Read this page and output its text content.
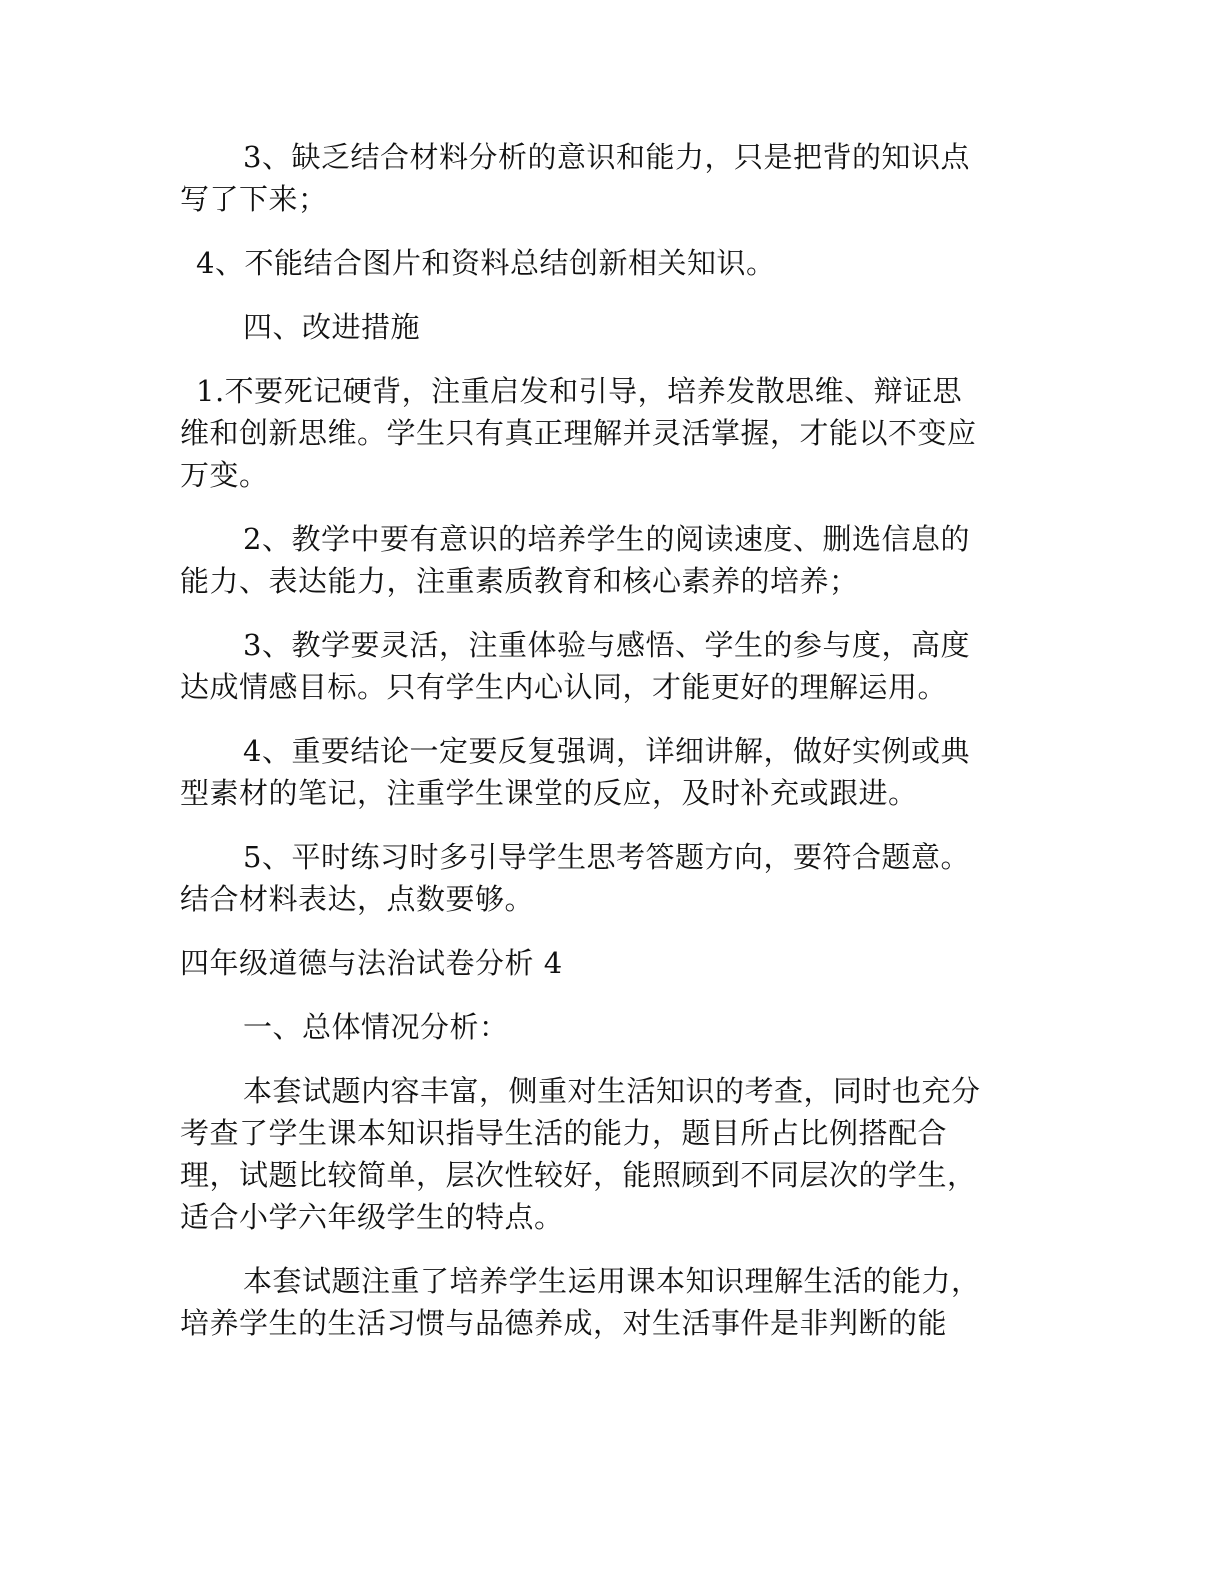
3、缺乏结合材料分析的意识和能力，只是把背的知识点
写了下来；
4、不能结合图片和资料总结创新相关知识。
四、改进措施
1.不要死记硬背，注重启发和引导，培养发散思维、辩证思
维和创新思维。学生只有真正理解并灵活掌握，才能以不变应
万变。
2、教学中要有意识的培养学生的阅读速度、删选信息的
能力、表达能力，注重素质教育和核心素养的培养；
3、教学要灵活，注重体验与感悟、学生的参与度，高度
达成情感目标。只有学生内心认同，才能更好的理解运用。
4、重要结论一定要反复强调，详细讲解，做好实例或典
型素材的笔记，注重学生课堂的反应，及时补充或跟进。
5、平时练习时多引导学生思考答题方向，要符合题意。
结合材料表达，点数要够。
四年级道德与法治试卷分析 4
一、总体情况分析：
本套试题内容丰富，侧重对生活知识的考查，同时也充分
考查了学生课本知识指导生活的能力，题目所占比例搭配合
理，试题比较简单，层次性较好，能照顾到不同层次的学生，
适合小学六年级学生的特点。
本套试题注重了培养学生运用课本知识理解生活的能力，
培养学生的生活习惯与品德养成，对生活事件是非判断的能
